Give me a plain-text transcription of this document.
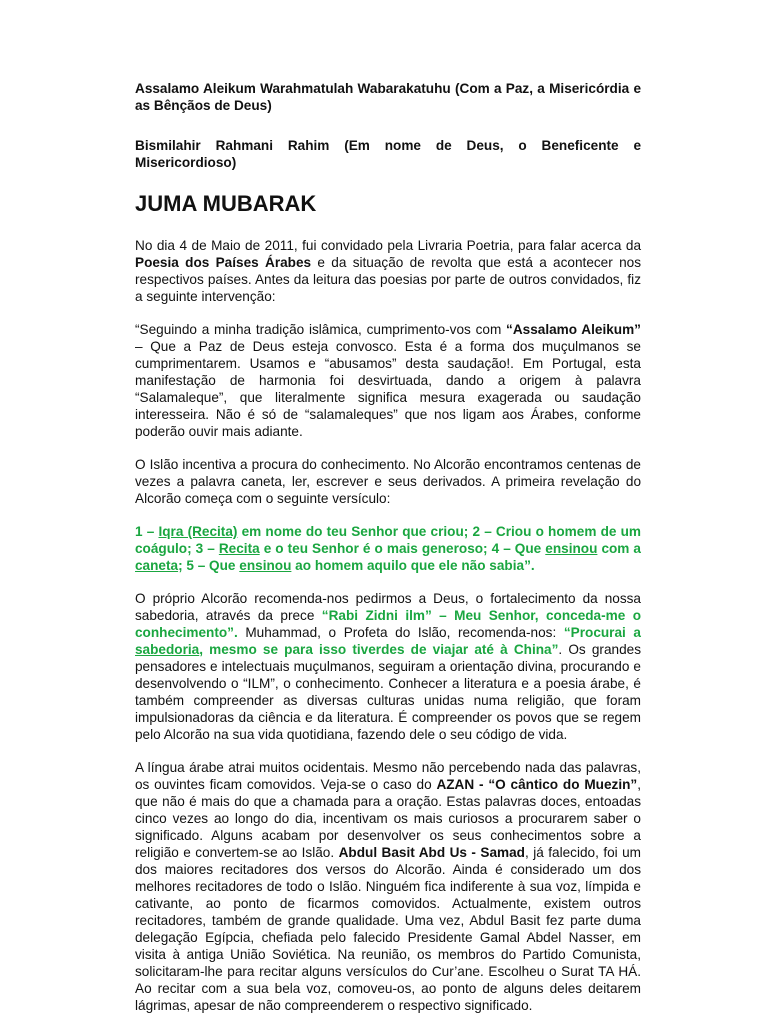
Assalamo Aleikum Warahmatulah Wabarakatuhu (Com a Paz, a Misericórdia e as Bênçãos de Deus)

Bismilahir Rahmani Rahim (Em nome de Deus, o Beneficente e Misericordioso)

JUMA MUBARAK

No dia 4 de Maio de 2011, fui convidado pela Livraria Poetria, para falar acerca da Poesia dos Países Árabes e da situação de revolta que está a acontecer nos respectivos países. Antes da leitura das poesias por parte de outros convidados, fiz a seguinte intervenção:

“Seguindo a minha tradição islâmica, cumprimento-vos com “Assalamo Aleikum” – Que a Paz de Deus esteja convosco. Esta é a forma dos muçulmanos se cumprimentarem. Usamos e “abusamos” desta saudação!. Em Portugal, esta manifestação de harmonia foi desvirtuada, dando a origem à palavra “Salamaleque”, que literalmente significa mesura exagerada ou saudação interesseira. Não é só de “salamaleques” que nos ligam aos Árabes, conforme poderão ouvir mais adiante.

O Islão incentiva a procura do conhecimento. No Alcorão encontramos centenas de vezes a palavra caneta, ler, escrever e seus derivados. A primeira revelação do Alcorão começa com o seguinte versículo:

1 – Iqra (Recita) em nome do teu Senhor que criou; 2 – Criou o homem de um coágulo; 3 – Recita e o teu Senhor é o mais generoso; 4 – Que ensinou com a caneta; 5 – Que ensinou ao homem aquilo que ele não sabia”.

O próprio Alcorão recomenda-nos pedirmos a Deus, o fortalecimento da nossa sabedoria, através da prece “Rabi Zidni ilm” – Meu Senhor, conceda-me o conhecimento”. Muhammad, o Profeta do Islão, recomenda-nos: “Procurai a sabedoria, mesmo se para isso tiverdes de viajar até à China”. Os grandes pensadores e intelectuais muçulmanos, seguiram a orientação divina, procurando e desenvolvendo o “ILM”, o conhecimento. Conhecer a literatura e a poesia árabe, é também compreender as diversas culturas unidas numa religião, que foram impulsionadoras da ciência e da literatura. É compreender os povos que se regem pelo Alcorão na sua vida quotidiana, fazendo dele o seu código de vida.

A língua árabe atrai muitos ocidentais. Mesmo não percebendo nada das palavras, os ouvintes ficam comovidos. Veja-se o caso do AZAN - “O cântico do Muezin”, que não é mais do que a chamada para a oração. Estas palavras doces, entoadas cinco vezes ao longo do dia, incentivam os mais curiosos a procurarem saber o significado. Alguns acabam por desenvolver os seus conhecimentos sobre a religião e convertem-se ao Islão. Abdul Basit Abd Us - Samad, já falecido, foi um dos maiores recitadores dos versos do Alcorão. Ainda é considerado um dos melhores recitadores de todo o Islão. Ninguém fica indiferente à sua voz, límpida e cativante, ao ponto de ficarmos comovidos. Actualmente, existem outros recitadores, também de grande qualidade. Uma vez, Abdul Basit fez parte duma delegação Egípcia, chefiada pelo falecido Presidente Gamal Abdel Nasser, em visita à antiga União Soviética. Na reunião, os membros do Partido Comunista, solicitaram-lhe para recitar alguns versículos do Cur’ane. Escolheu o Surat TA HÁ. Ao recitar com a sua bela voz, comoveu-os, ao ponto de alguns deles deitarem lágrimas, apesar de não compreenderem o respectivo significado.
